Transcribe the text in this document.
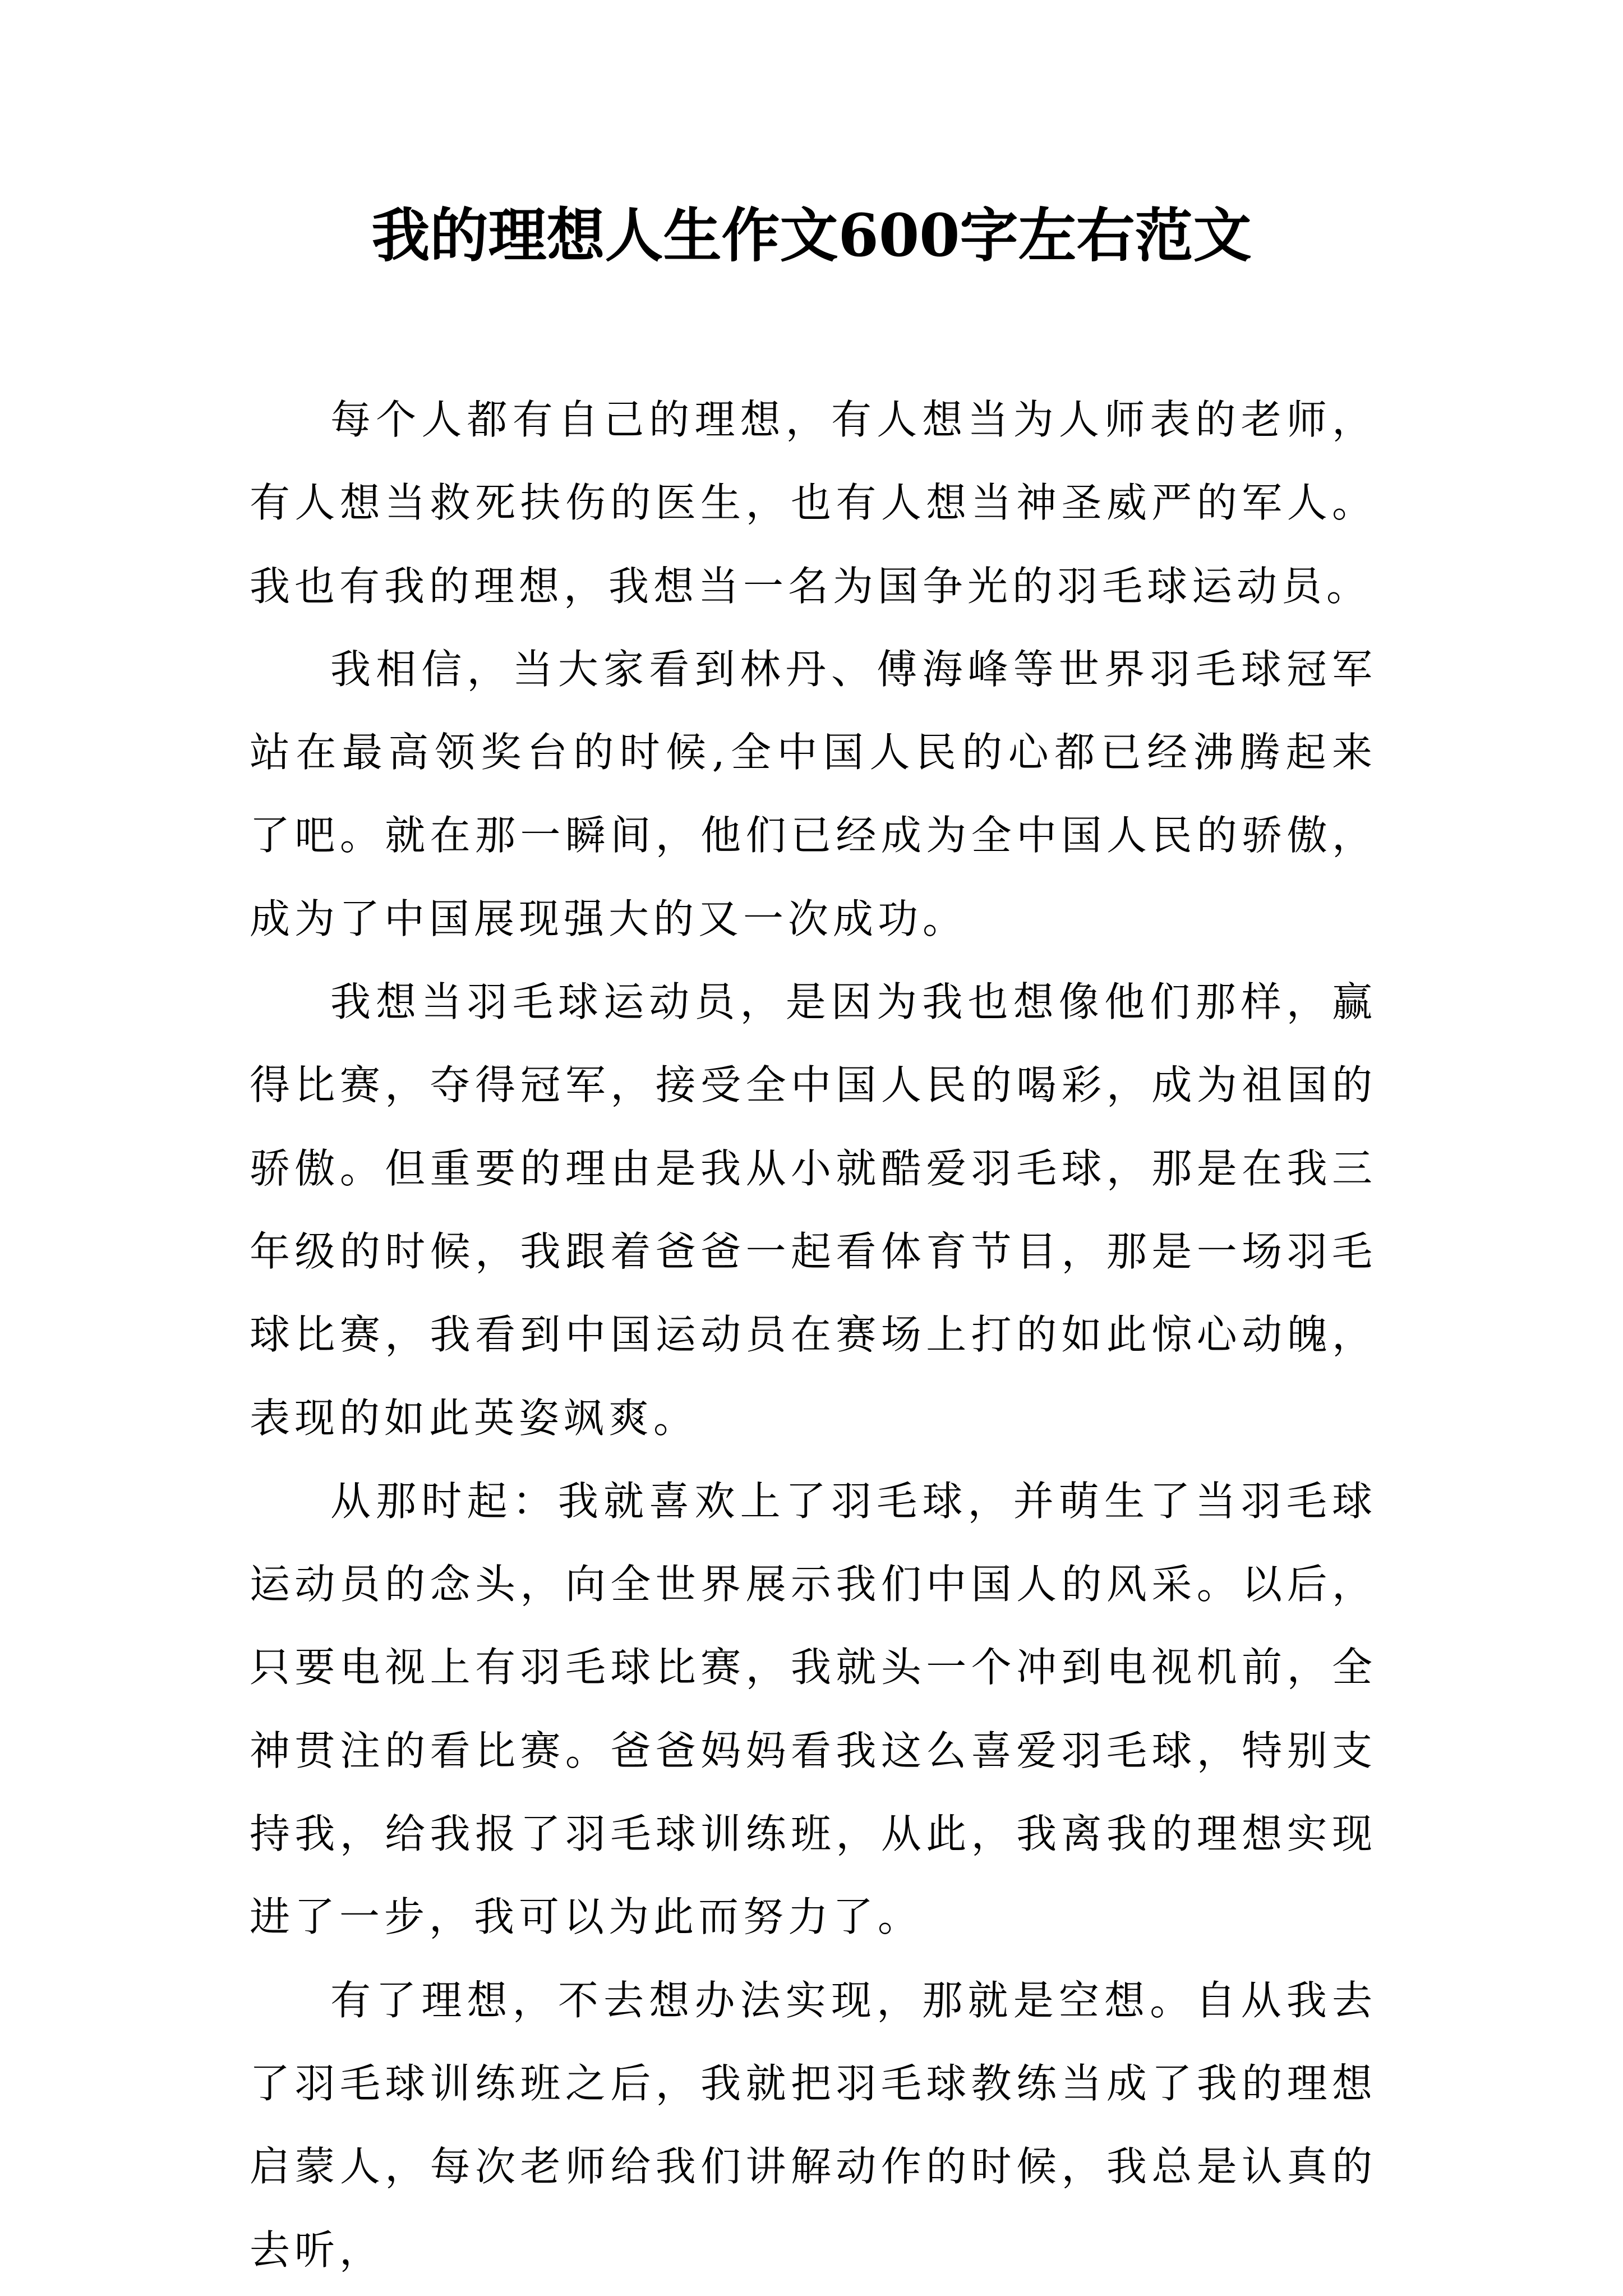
我的理想人生作文600字左右范文

每个人都有自己的理想，有人想当为人师表的老师，有人想当救死扶伤的医生，也有人想当神圣威严的军人。我也有我的理想，我想当一名为国争光的羽毛球运动员。

我相信，当大家看到林丹、傅海峰等世界羽毛球冠军站在最高领奖台的时候,全中国人民的心都已经沸腾起来了吧。就在那一瞬间，他们已经成为全中国人民的骄傲，成为了中国展现强大的又一次成功。

我想当羽毛球运动员，是因为我也想像他们那样，赢得比赛，夺得冠军，接受全中国人民的喝彩，成为祖国的骄傲。但重要的理由是我从小就酷爱羽毛球，那是在我三年级的时候，我跟着爸爸一起看体育节目，那是一场羽毛球比赛，我看到中国运动员在赛场上打的如此惊心动魄，表现的如此英姿飒爽。

从那时起：我就喜欢上了羽毛球，并萌生了当羽毛球运动员的念头，向全世界展示我们中国人的风采。以后，只要电视上有羽毛球比赛，我就头一个冲到电视机前，全神贯注的看比赛。爸爸妈妈看我这么喜爱羽毛球，特别支持我，给我报了羽毛球训练班，从此，我离我的理想实现进了一步，我可以为此而努力了。

有了理想，不去想办法实现，那就是空想。自从我去了羽毛球训练班之后，我就把羽毛球教练当成了我的理想启蒙人，每次老师给我们讲解动作的时候，我总是认真的去听，
